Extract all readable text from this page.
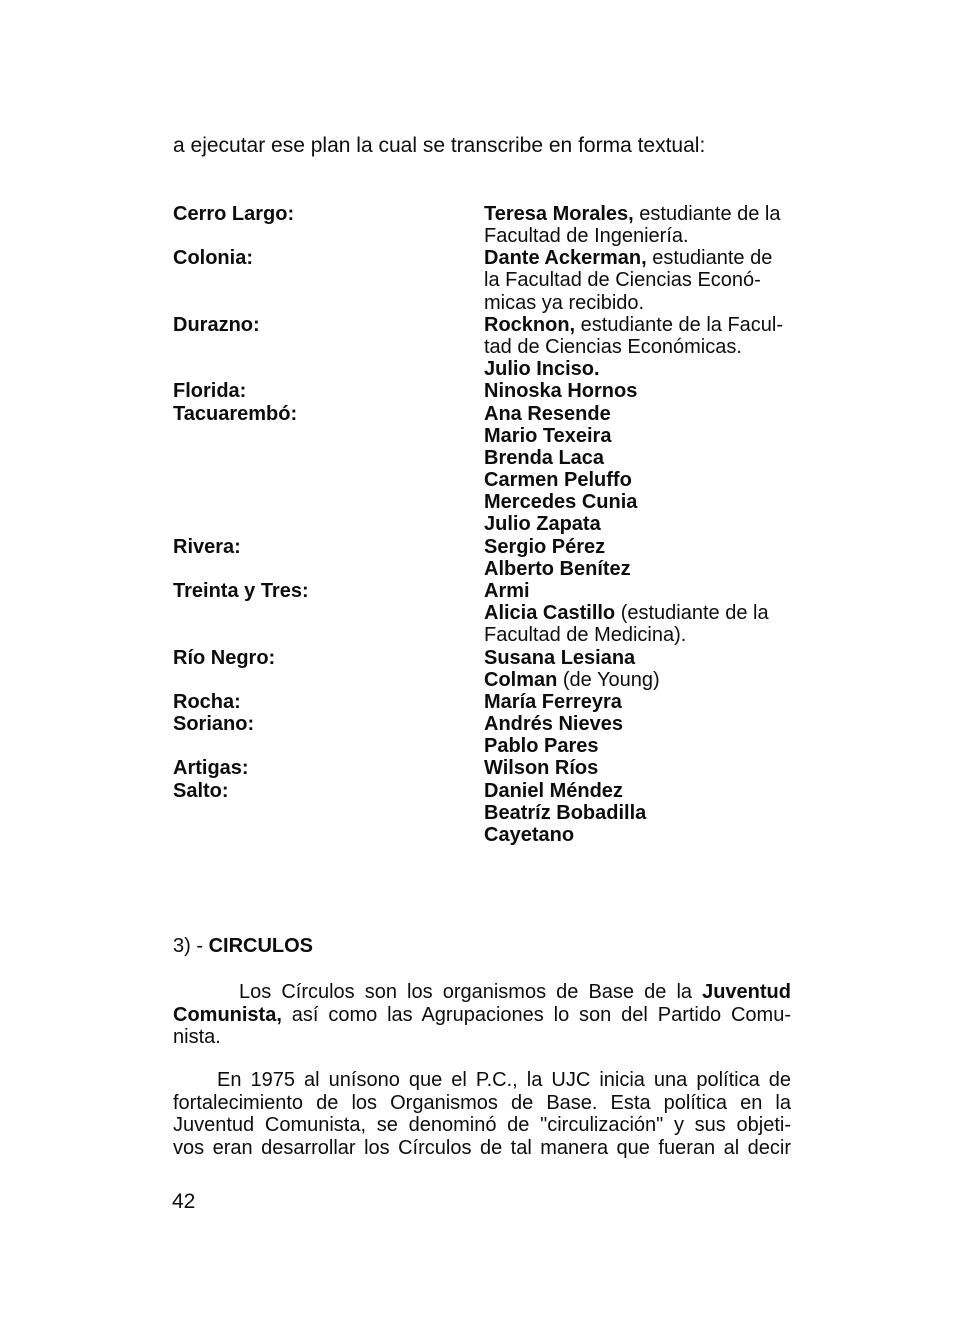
a ejecutar ese plan la cual se transcribe en forma textual:
Cerro Largo:
Colonia:
Durazno:
Florida:
Tacuarembó:
Rivera:
Treinta y Tres:
Río Negro:
Rocha:
Soriano:
Artigas:
Salto:
Teresa Morales, estudiante de la
Facultad de Ingeniería.
Dante Ackerman, estudiante de
la Facultad de Ciencias Econó-
micas ya recibido.
Rocknon, estudiante de la Facul-
tad de Ciencias Económicas.
Julio Inciso.
Ninoska Hornos
Ana Resende
Mario Texeira
Brenda Laca
Carmen Peluffo
Mercedes Cunia
Julio Zapata
Sergio Pérez
Alberto Benítez
Armi
Alicia Castillo (estudiante de la
Facultad de Medicina).
Susana Lesiana
Colman (de Young)
María Ferreyra
Andrés Nieves
Pablo Pares
Wilson Ríos
Daniel Méndez
Beatríz Bobadilla
Cayetano
3) - CIRCULOS
Los Círculos son los organismos de Base de la Juventud
Comunista, así como las Agrupaciones lo son del Partido Comu-
nista.
En 1975 al unísono que el P.C., la UJC inicia una política de
fortalecimiento de los Organismos de Base. Esta política en la
Juventud Comunista, se denominó de "circulización" y sus objeti-
vos eran desarrollar los Círculos de tal manera que fueran al decir
42
